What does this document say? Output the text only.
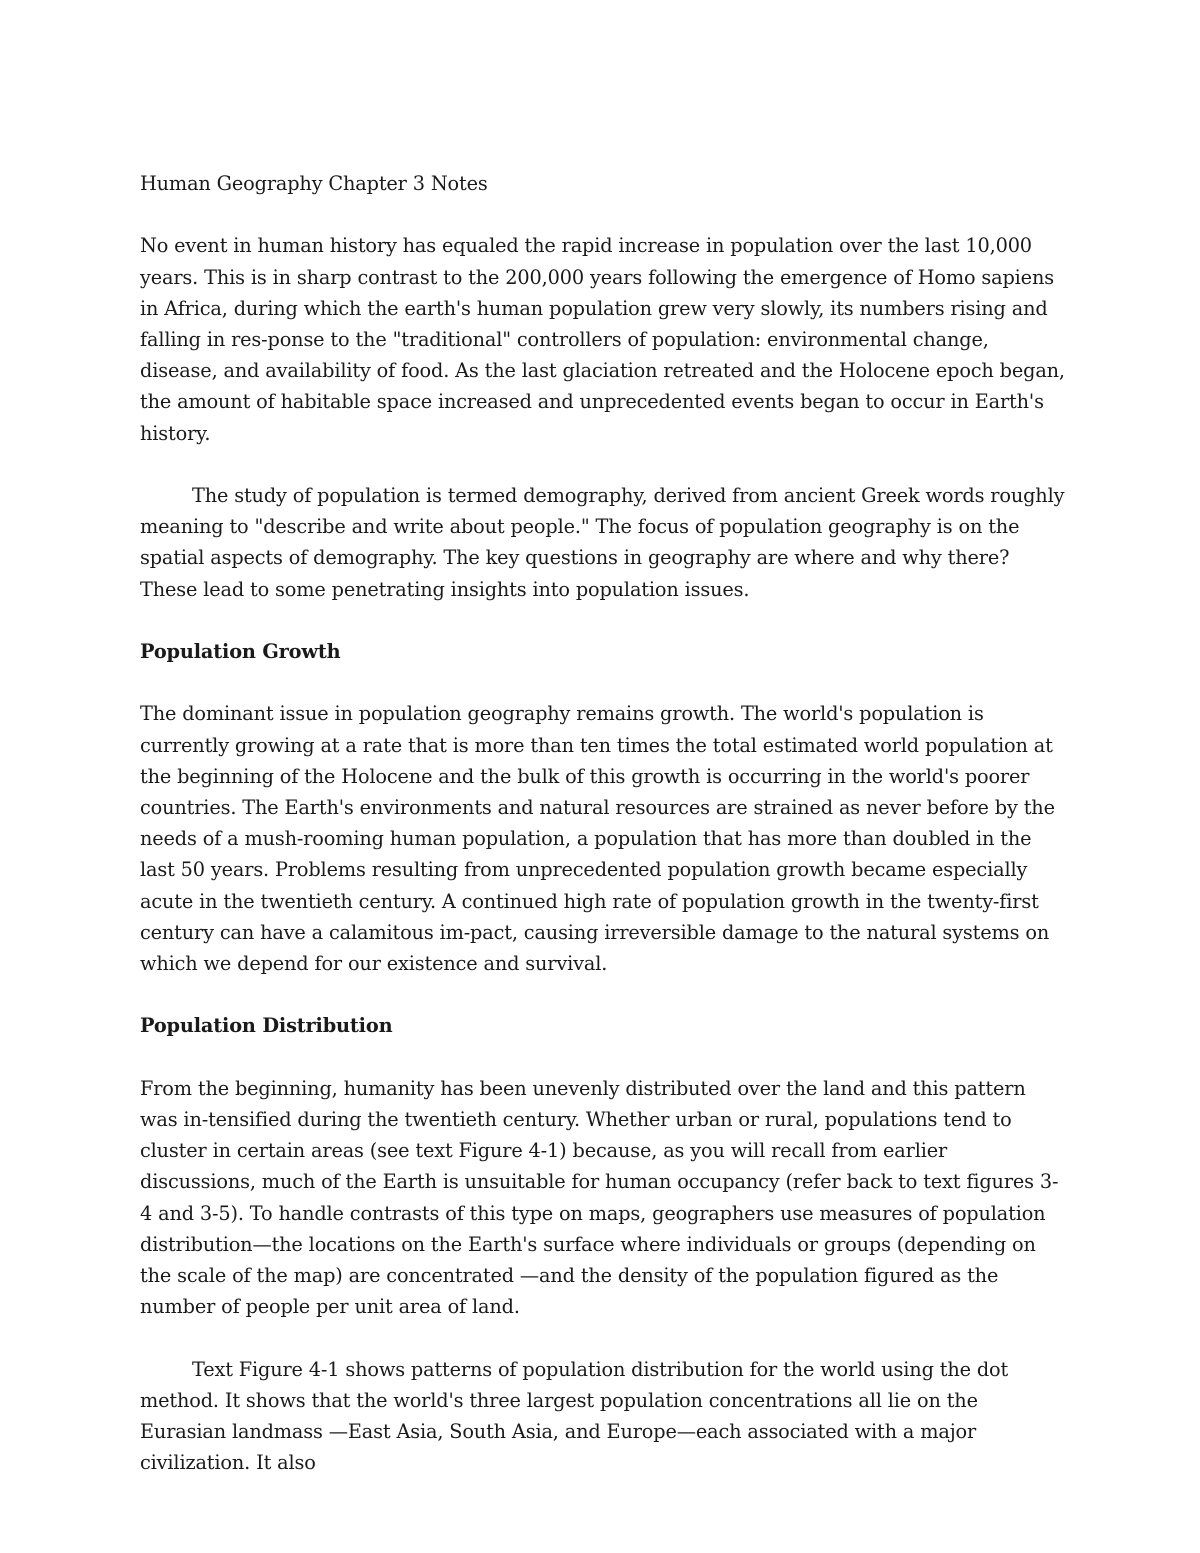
Human Geography Chapter 3 Notes

No event in human history has equaled the rapid increase in population over the last 10,000 years. This is in sharp contrast to the 200,000 years following the emergence of Homo sapiens in Africa, during which the earth's human population grew very slowly, its numbers rising and falling in res-ponse to the "traditional" controllers of population: environmental change, disease, and availability of food. As the last glaciation retreated and the Holocene epoch began, the amount of habitable space increased and unprecedented events began to occur in Earth's history.

The study of population is termed demography, derived from ancient Greek words roughly meaning to "describe and write about people." The focus of population geography is on the spatial aspects of demography. The key questions in geography are where and why there? These lead to some penetrating insights into population issues.

Population Growth

The dominant issue in population geography remains growth. The world's population is currently growing at a rate that is more than ten times the total estimated world population at the beginning of the Holocene and the bulk of this growth is occurring in the world's poorer countries. The Earth's environments and natural resources are strained as never before by the needs of a mush-rooming human population, a population that has more than doubled in the last 50 years. Problems resulting from unprecedented population growth became especially acute in the twentieth century. A continued high rate of population growth in the twenty-first century can have a calamitous im-pact, causing irreversible damage to the natural systems on which we depend for our existence and survival.

Population Distribution

From the beginning, humanity has been unevenly distributed over the land and this pattern was in-tensified during the twentieth century. Whether urban or rural, populations tend to cluster in certain areas (see text Figure 4-1) because, as you will recall from earlier discussions, much of the Earth is unsuitable for human occupancy (refer back to text figures 3-4 and 3-5). To handle contrasts of this type on maps, geographers use measures of population distribution—the locations on the Earth's surface where individuals or groups (depending on the scale of the map) are concentrated —and the density of the population figured as the number of people per unit area of land.

Text Figure 4-1 shows patterns of population distribution for the world using the dot method. It shows that the world's three largest population concentrations all lie on the Eurasian landmass —East Asia, South Asia, and Europe—each associated with a major civilization. It also
